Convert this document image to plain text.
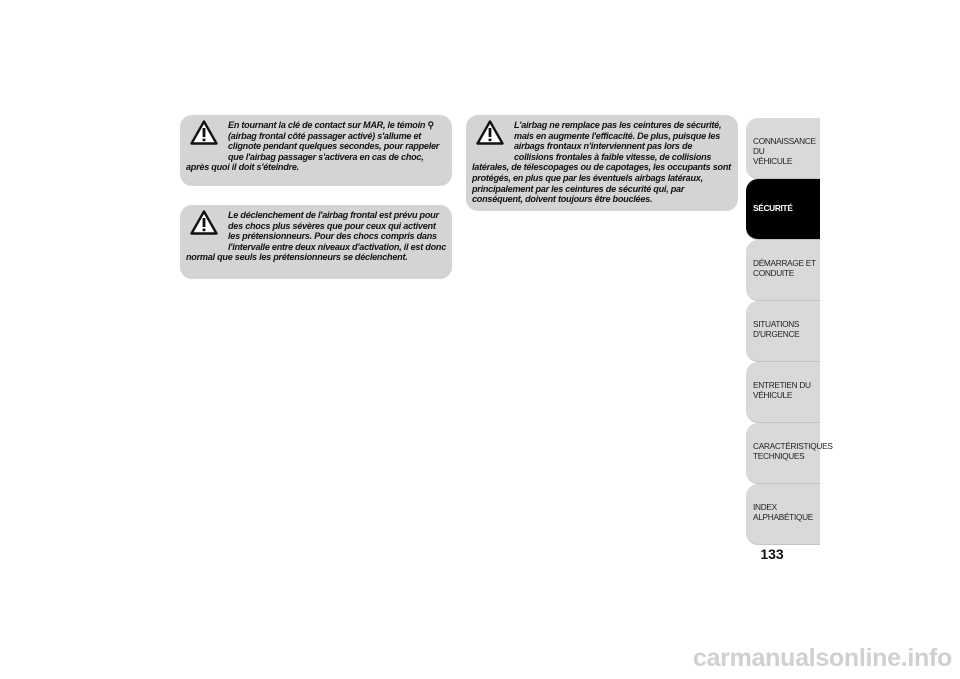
En tournant la clé de contact sur MAR, le témoin ⚲ (airbag frontal côté passager activé) s'allume et clignote pendant quelques secondes, pour rappeler que l'airbag passager s'activera en cas de choc, après quoi il doit s'éteindre.

Le déclenchement de l'airbag frontal est prévu pour des chocs plus sévères que pour ceux qui activent les prétensionneurs. Pour des chocs compris dans l'intervalle entre deux niveaux d'activation, il est donc normal que seuls les prétensionneurs se déclenchent.

L'airbag ne remplace pas les ceintures de sécurité, mais en augmente l'efficacité. De plus, puisque les airbags frontaux n'interviennent pas lors de collisions frontales à faible vitesse, de collisions latérales, de télescopages ou de capotages, les occupants sont protégés, en plus que par les éventuels airbags latéraux, principalement par les ceintures de sécurité qui, par conséquent, doivent toujours être bouclées.

CONNAISSANCE DU
VÉHICULE
SÉCURITÉ
DÉMARRAGE ET
CONDUITE
SITUATIONS
D'URGENCE
ENTRETIEN DU
VÉHICULE
CARACTÉRISTIQUES
TECHNIQUES
INDEX
ALPHABÉTIQUE
133
carmanualsonline.info
